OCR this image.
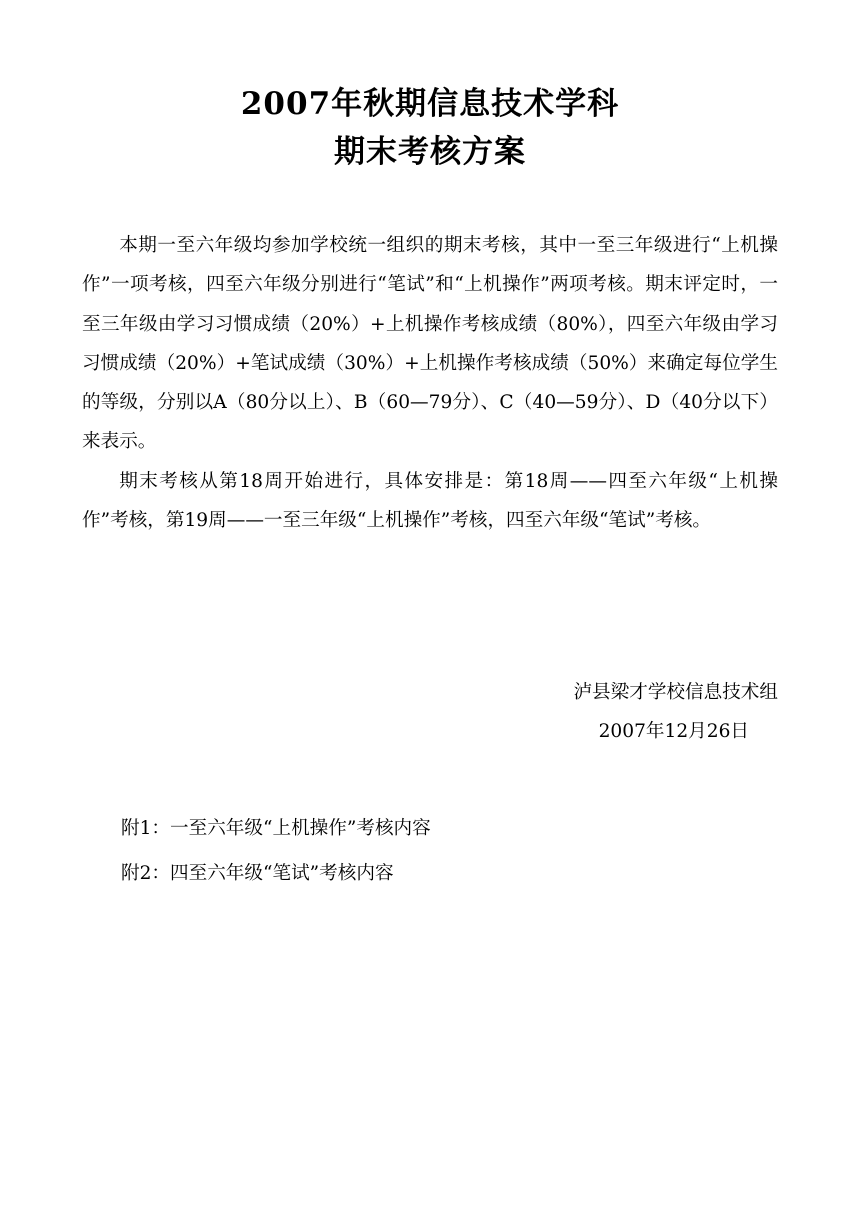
2007年秋期信息技术学科
期末考核方案

本期一至六年级均参加学校统一组织的期末考核，其中一至三年级进行“上机操作”一项考核，四至六年级分别进行“笔试”和“上机操作”两项考核。期末评定时，一至三年级由学习习惯成绩（20%）+上机操作考核成绩（80%），四至六年级由学习习惯成绩（20%）+笔试成绩（30%）+上机操作考核成绩（50%）来确定每位学生的等级，分别以A（80分以上）、B（60—79分）、C（40—59分）、D（40分以下）来表示。

期末考核从第18周开始进行，具体安排是：第18周——四至六年级“上机操作”考核，第19周——一至三年级“上机操作”考核，四至六年级“笔试”考核。

泸县梁才学校信息技术组
2007年12月26日
附1：一至六年级“上机操作”考核内容
附2：四至六年级“笔试”考核内容
